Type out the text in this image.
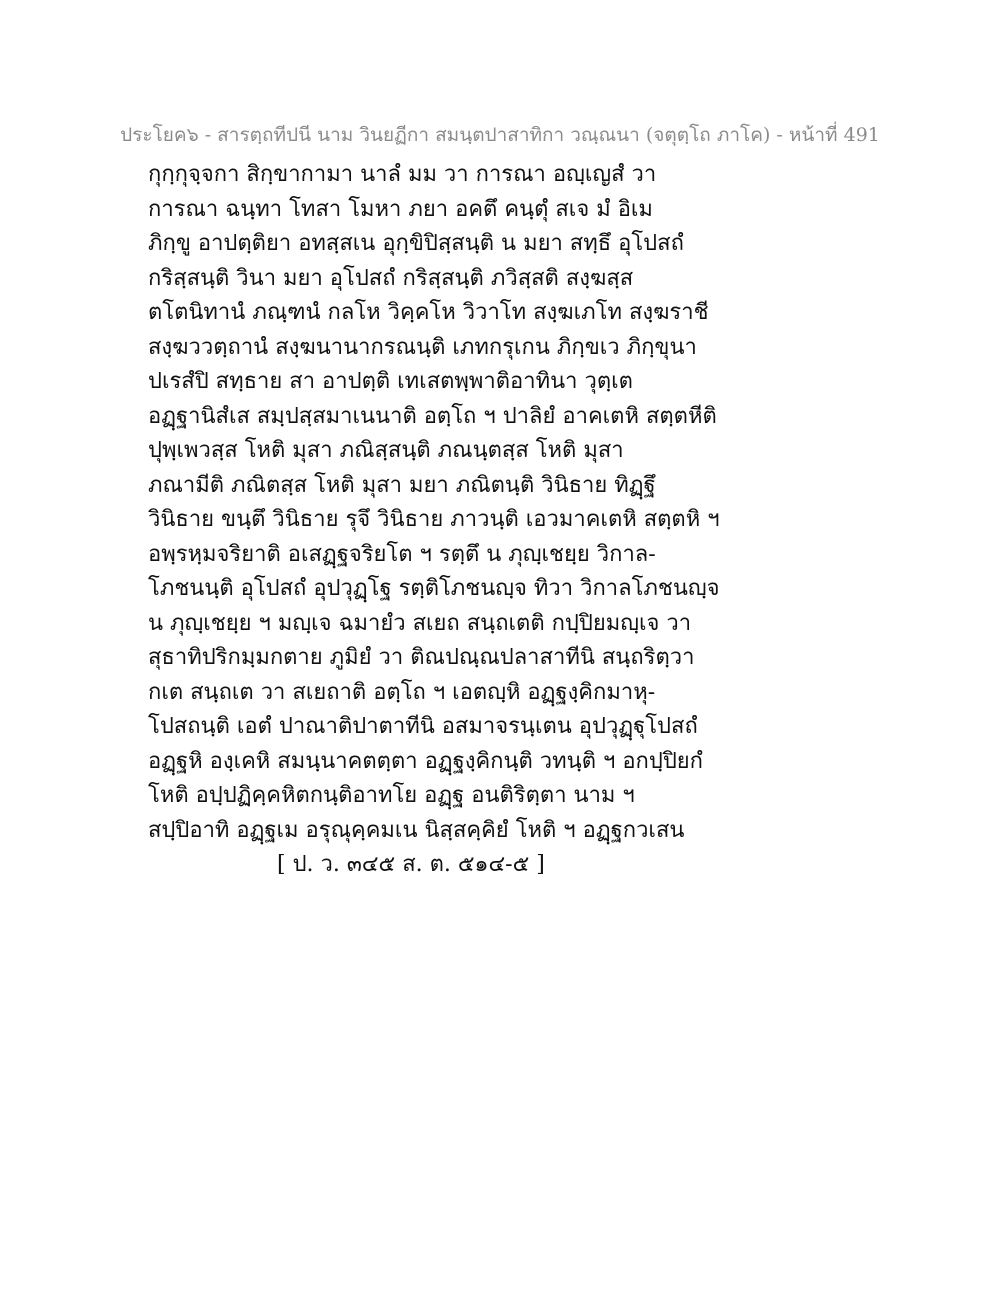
ประโยค๖ - สารตฺถทีปนี นาม วินยฏีกา สมนฺตปาสาทิกา วณฺณนา (จตุตฺโถ ภาโค) - หน้าที่ 491
กุกฺกุจฺจกา สิกฺขากามา นาลํ มม วา การณา อญฺเญสํ วา
การณา ฉนฺทา โทสา โมหา ภยา อคตึ คนฺตุํ สเจ มํ อิเม
ภิกฺขู อาปตฺติยา อทสฺสเน อุกฺขิปิสฺสนฺติ น มยา สทฺธึ อุโปสถํ
กริสฺสนฺติ วินา มยา อุโปสถํ กริสฺสนฺติ ภวิสฺสติ สงฺฆสฺส
ตโตนิทานํ ภณฺฑนํ กลโห วิคฺคโห วิวาโท สงฺฆเภโท สงฺฆราชี
สงฺฆววตฺถานํ สงฺฆนานากรณนฺติ เภทกรุเกน ภิกฺขเว ภิกฺขุนา
ปเรสํปิ สทฺธาย สา อาปตฺติ เทเสตพฺพาติอาทินา วุตฺเต
อฏฺฐานิสํเส สมฺปสฺสมาเนนาติ อตฺโถ ฯ ปาลิยํ อาคเตหิ สตฺตหีติ
ปุพฺเพวสฺส โหติ มุสา ภณิสฺสนฺติ ภณนฺตสฺส โหติ มุสา
ภณามีติ ภณิตสฺส โหติ มุสา มยา ภณิตนฺติ วินิธาย ทิฏฺฐึ
วินิธาย ขนฺตึ วินิธาย รุจึ วินิธาย ภาวนฺติ เอวมาคเตหิ สตฺตหิ ฯ
อพฺรหฺมจริยาติ อเสฏฺฐจริยโต ฯ รตฺตึ น ภุญฺเชยฺย วิกาล-
โภชนนฺติ อุโปสถํ อุปวุฏฺโฐ รตฺติโภชนญฺจ ทิวา วิกาลโภชนญฺจ
น ภุญฺเชยฺย ฯ มญฺเจ ฉมายํว สเยถ สนฺถเตติ กปฺปิยมญฺเจ วา
สุธาทิปริกมฺมกตาย ภูมิยํ วา ติณปณฺณปลาสาทีนิ สนฺถริตฺวา
กเต สนฺถเต วา สเยถาติ อตฺโถ ฯ เอตญฺหิ อฏฺฐงฺคิกมาหุ-
โปสถนฺติ เอตํ ปาณาติปาตาทีนิ อสมาจรนฺเตน อุปวุฏฺฐุโปสถํ
อฏฺฐหิ องฺเคหิ สมนฺนาคตตฺตา อฏฺฐงฺคิกนฺติ วทนฺติ ฯ อกปฺปิยกํ
โหติ อปฺปฏิคฺคหิตกนฺติอาทโย อฏฺฐ อนติริตฺตา นาม ฯ
สปฺปิอาทิ อฏฺฐเม อรุณุคฺคมเน นิสฺสคฺคิยํ โหติ ฯ อฏฺฐกวเสน
[ ป. ว. ๓๔๕ ส. ต. ๕๑๔-๕ ]
